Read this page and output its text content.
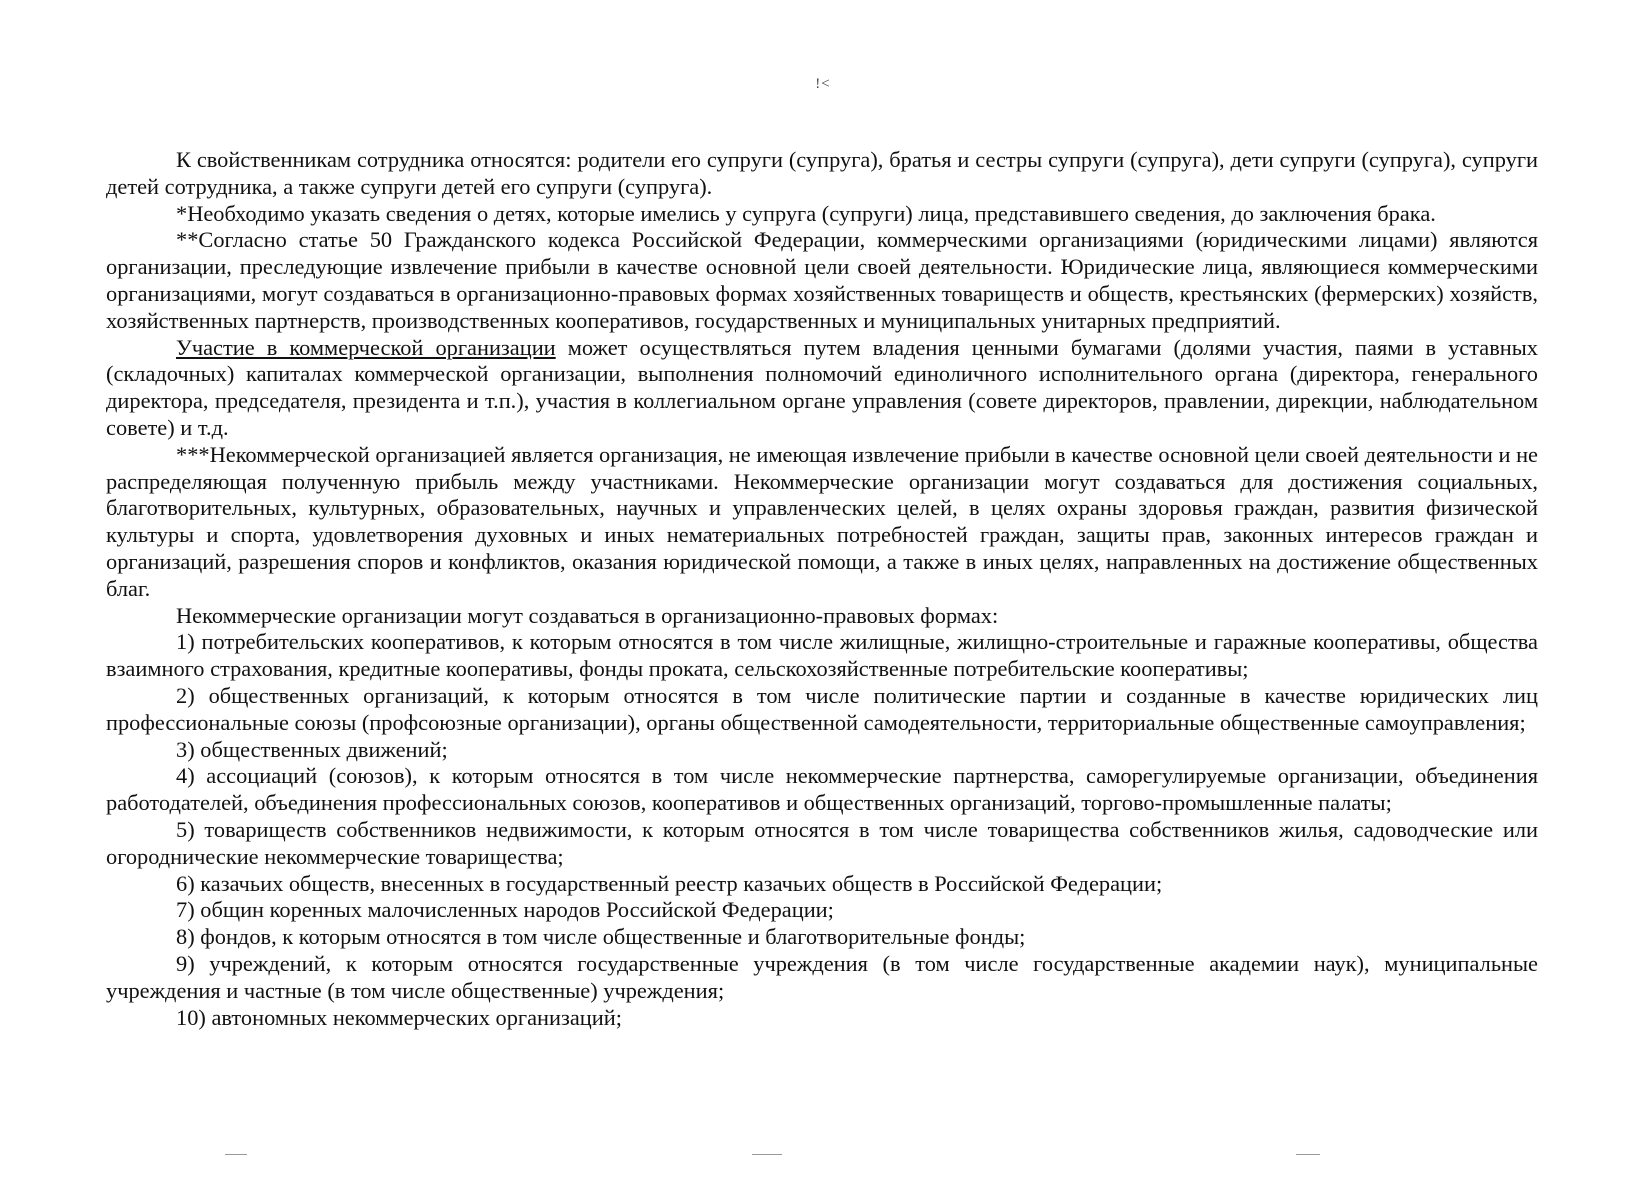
!˂

К свойственникам сотрудника относятся: родители его супруги (супруга), братья и сестры супруги (супруга), дети супруги (супруга), супруги детей сотрудника, а также супруги детей его супруги (супруга).

*Необходимо указать сведения о детях, которые имелись у супруга (супруги) лица, представившего сведения, до заключения брака.

**Согласно статье 50 Гражданского кодекса Российской Федерации, коммерческими организациями (юридическими лицами) являются организации, преследующие извлечение прибыли в качестве основной цели своей деятельности. Юридические лица, являющиеся коммерческими организациями, могут создаваться в организационно-правовых формах хозяйственных товариществ и обществ, крестьянских (фермерских) хозяйств, хозяйственных партнерств, производственных кооперативов, государственных и муниципальных унитарных предприятий.

Участие в коммерческой организации может осуществляться путем владения ценными бумагами (долями участия, паями в уставных (складочных) капиталах коммерческой организации, выполнения полномочий единоличного исполнительного органа (директора, генерального директора, председателя, президента и т.п.), участия в коллегиальном органе управления (совете директоров, правлении, дирекции, наблюдательном совете) и т.д.

***Некоммерческой организацией является организация, не имеющая извлечение прибыли в качестве основной цели своей деятельности и не распределяющая полученную прибыль между участниками. Некоммерческие организации могут создаваться для достижения социальных, благотворительных, культурных, образовательных, научных и управленческих целей, в целях охраны здоровья граждан, развития физической культуры и спорта, удовлетворения духовных и иных нематериальных потребностей граждан, защиты прав, законных интересов граждан и организаций, разрешения споров и конфликтов, оказания юридической помощи, а также в иных целях, направленных на достижение общественных благ.

Некоммерческие организации могут создаваться в организационно-правовых формах:

1) потребительских кооперативов, к которым относятся в том числе жилищные, жилищно-строительные и гаражные кооперативы, общества взаимного страхования, кредитные кооперативы, фонды проката, сельскохозяйственные потребительские кооперативы;

2) общественных организаций, к которым относятся в том числе политические партии и созданные в качестве юридических лиц профессиональные союзы (профсоюзные организации), органы общественной самодеятельности, территориальные общественные самоуправления;

3) общественных движений;

4) ассоциаций (союзов), к которым относятся в том числе некоммерческие партнерства, саморегулируемые организации, объединения работодателей, объединения профессиональных союзов, кооперативов и общественных организаций, торгово-промышленные палаты;

5) товариществ собственников недвижимости, к которым относятся в том числе товарищества собственников жилья, садоводческие или огороднические некоммерческие товарищества;

6) казачьих обществ, внесенных в государственный реестр казачьих обществ в Российской Федерации;

7) общин коренных малочисленных народов Российской Федерации;

8) фондов, к которым относятся в том числе общественные и благотворительные фонды;

9) учреждений, к которым относятся государственные учреждения (в том числе государственные академии наук), муниципальные учреждения и частные (в том числе общественные) учреждения;

10) автономных некоммерческих организаций;
